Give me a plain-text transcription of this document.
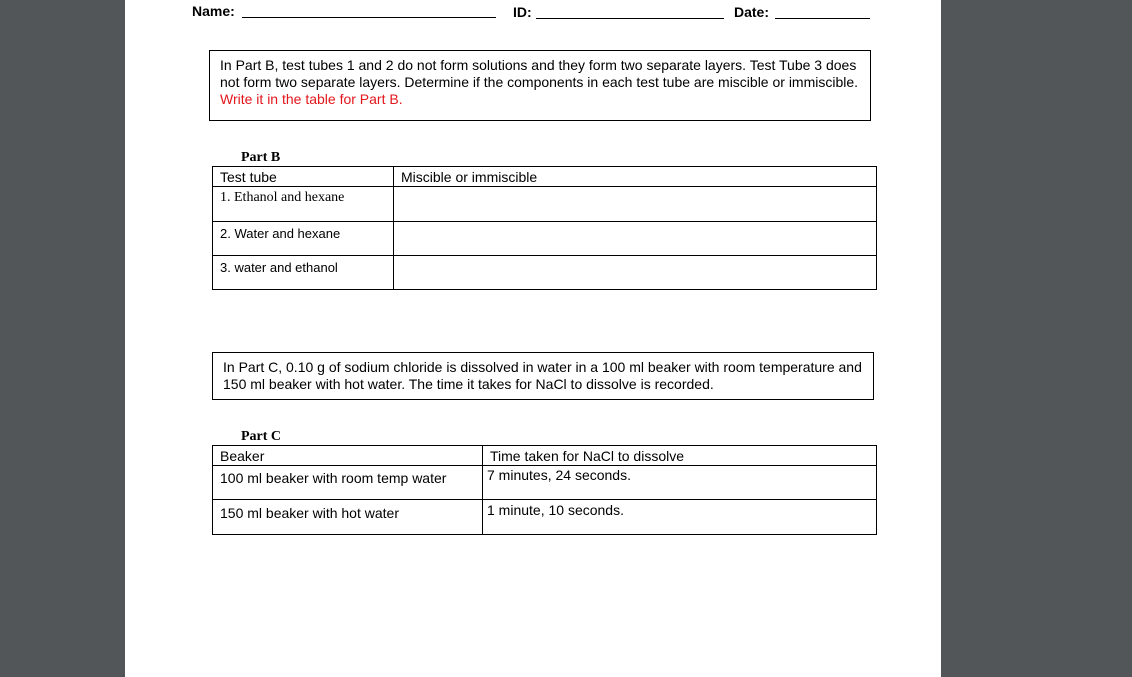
Name:	ID:	Date:
In Part B, test tubes 1 and 2 do not form solutions and they form two separate layers. Test Tube 3 does not form two separate layers. Determine if the components in each test tube are miscible or immiscible. Write it in the table for Part B.
Part B
Test tube	Miscible or immiscible
1. Ethanol and hexane	
2. Water and hexane	
3. water and ethanol	
In Part C, 0.10 g of sodium chloride is dissolved in water in a 100 ml beaker with room temperature and 150 ml beaker with hot water. The time it takes for NaCl to dissolve is recorded.
Part C
Beaker	Time taken for NaCl to dissolve
100 ml beaker with room temp water	7 minutes, 24 seconds.
150 ml beaker with hot water	1 minute, 10 seconds.
